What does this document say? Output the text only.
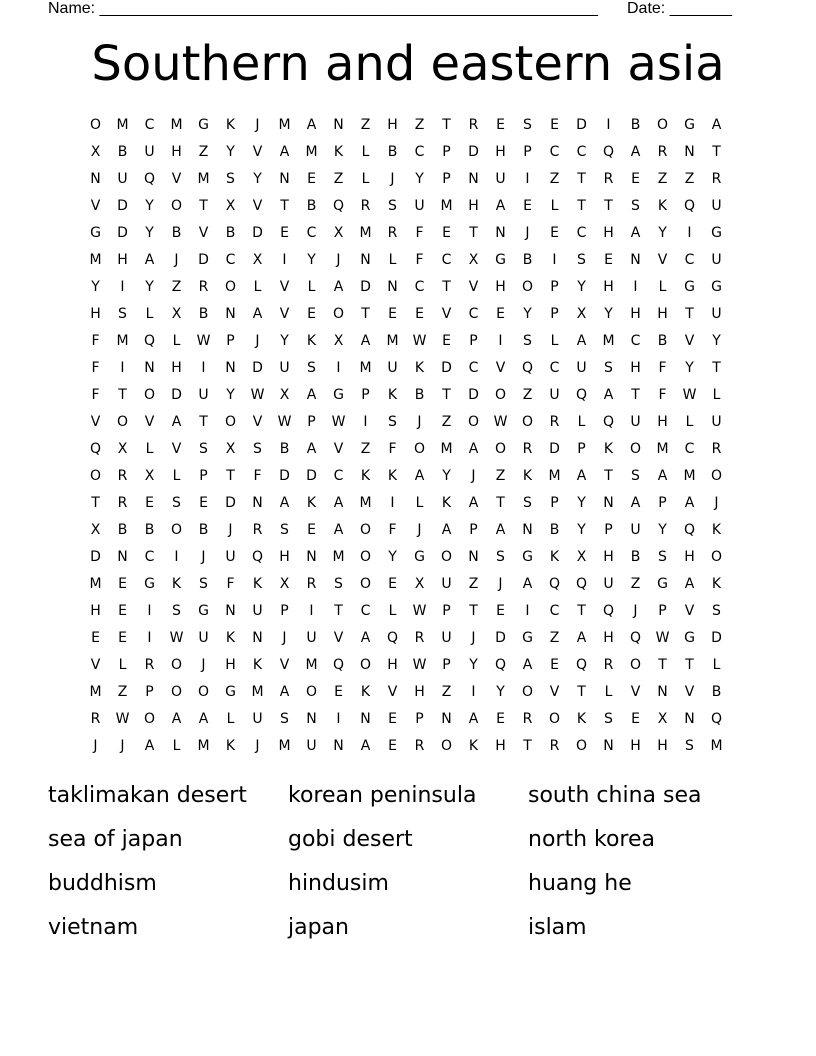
Name: ________________________________________________________ Date: _______
Southern and eastern asia
O	M	C	M	G	K	J	M	A	N	Z	H	Z	T	R	E	S	E	D	I	B	O	G	A
X	B	U	H	Z	Y	V	A	M	K	L	B	C	P	D	H	P	C	C	Q	A	R	N	T
N	U	Q	V	M	S	Y	N	E	Z	L	J	Y	P	N	U	I	Z	T	R	E	Z	Z	R
V	D	Y	O	T	X	V	T	B	Q	R	S	U	M	H	A	E	L	T	T	S	K	Q	U
G	D	Y	B	V	B	D	E	C	X	M	R	F	E	T	N	J	E	C	H	A	Y	I	G
M	H	A	J	D	C	X	I	Y	J	N	L	F	C	X	G	B	I	S	E	N	V	C	U
Y	I	Y	Z	R	O	L	V	L	A	D	N	C	T	V	H	O	P	Y	H	I	L	G	G
H	S	L	X	B	N	A	V	E	O	T	E	E	V	C	E	Y	P	X	Y	H	H	T	U
F	M	Q	L	W	P	J	Y	K	X	A	M	W	E	P	I	S	L	A	M	C	B	V	Y
F	I	N	H	I	N	D	U	S	I	M	U	K	D	C	V	Q	C	U	S	H	F	Y	T
F	T	O	D	U	Y	W	X	A	G	P	K	B	T	D	O	Z	U	Q	A	T	F	W	L
V	O	V	A	T	O	V	W	P	W	I	S	J	Z	O	W	O	R	L	Q	U	H	L	U
Q	X	L	V	S	X	S	B	A	V	Z	F	O	M	A	O	R	D	P	K	O	M	C	R
O	R	X	L	P	T	F	D	D	C	K	K	A	Y	J	Z	K	M	A	T	S	A	M	O
T	R	E	S	E	D	N	A	K	A	M	I	L	K	A	T	S	P	Y	N	A	P	A	J
X	B	B	O	B	J	R	S	E	A	O	F	J	A	P	A	N	B	Y	P	U	Y	Q	K
D	N	C	I	J	U	Q	H	N	M	O	Y	G	O	N	S	G	K	X	H	B	S	H	O
M	E	G	K	S	F	K	X	R	S	O	E	X	U	Z	J	A	Q	Q	U	Z	G	A	K
H	E	I	S	G	N	U	P	I	T	C	L	W	P	T	E	I	C	T	Q	J	P	V	S
E	E	I	W	U	K	N	J	U	V	A	Q	R	U	J	D	G	Z	A	H	Q	W	G	D
V	L	R	O	J	H	K	V	M	Q	O	H	W	P	Y	Q	A	E	Q	R	O	T	T	L
M	Z	P	O	O	G	M	A	O	E	K	V	H	Z	I	Y	O	V	T	L	V	N	V	B
R	W	O	A	A	L	U	S	N	I	N	E	P	N	A	E	R	O	K	S	E	X	N	Q
J	J	A	L	M	K	J	M	U	N	A	E	R	O	K	H	T	R	O	N	H	H	S	M
taklimakan desert	korean peninsula	south china sea
sea of japan	gobi desert	north korea
buddhism	hindusim	huang he
vietnam	japan	islam
